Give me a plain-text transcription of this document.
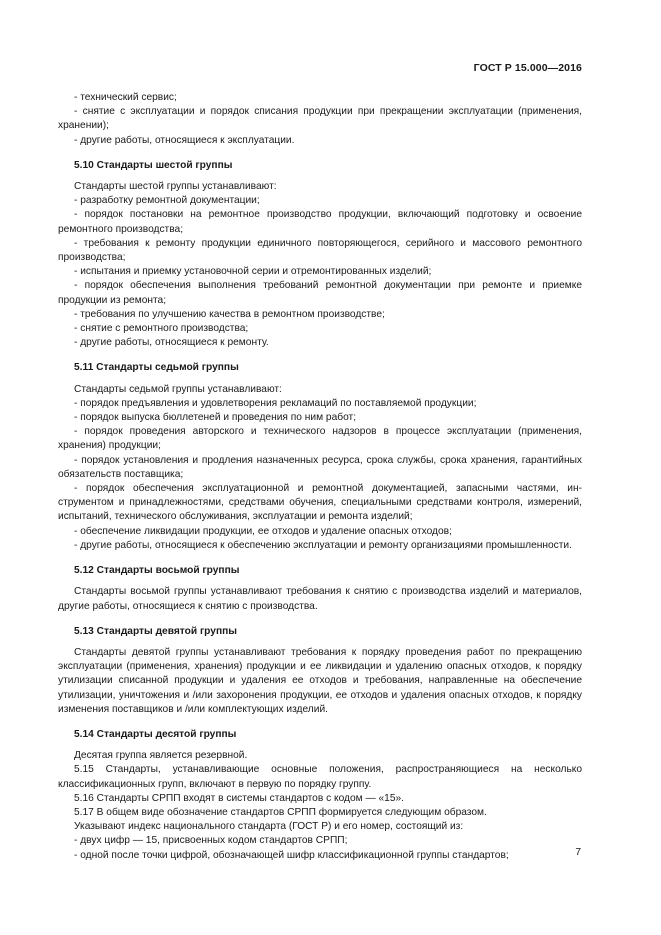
ГОСТ Р 15.000—2016

- технический сервис;

- снятие с эксплуатации и порядок списания продукции при прекращении эксплуатации (применения, хранении);

- другие работы, относящиеся к эксплуатации.

5.10 Стандарты шестой группы

Стандарты шестой группы устанавливают:

- разработку ремонтной документации;

- порядок постановки на ремонтное производство продукции, включающий подготовку и освоение ремонтного производства;

- требования к ремонту продукции единичного повторяющегося, серийного и массового ремонтного производства;

- испытания и приемку установочной серии и отремонтированных изделий;

- порядок обеспечения выполнения требований ремонтной документации при ремонте и приемке продукции из ремонта;

- требования по улучшению качества в ремонтном производстве;

- снятие с ремонтного производства;

- другие работы, относящиеся к ремонту.

5.11 Стандарты седьмой группы

Стандарты седьмой группы устанавливают:

- порядок предъявления и удовлетворения рекламаций по поставляемой продукции;

- порядок выпуска бюллетеней и проведения по ним работ;

- порядок проведения авторского и технического надзоров в процессе эксплуатации (применения, хранения) продукции;

- порядок установления и продления назначенных ресурса, срока службы, срока хранения, гарантийных обязательств поставщика;

- порядок обеспечения эксплуатационной и ремонтной документацией, запасными частями, инструментом и принадлежностями, средствами обучения, специальными средствами контроля, измерений, испытаний, технического обслуживания, эксплуатации и ремонта изделий;

- обеспечение ликвидации продукции, ее отходов и удаление опасных отходов;

- другие работы, относящиеся к обеспечению эксплуатации и ремонту организациями промышленности.

5.12 Стандарты восьмой группы

Стандарты восьмой группы устанавливают требования к снятию с производства изделий и материалов, другие работы, относящиеся к снятию с производства.

5.13 Стандарты девятой группы

Стандарты девятой группы устанавливают требования к порядку проведения работ по прекращению эксплуатации (применения, хранения) продукции и ее ликвидации и удалению опасных отходов, к порядку утилизации списанной продукции и удаления ее отходов и требования, направленные на обеспечение утилизации, уничтожения и /или захоронения продукции, ее отходов и удаления опасных отходов, к порядку изменения поставщиков и /или комплектующих изделий.

5.14 Стандарты десятой группы

Десятая группа является резервной.

5.15 Стандарты, устанавливающие основные положения, распространяющиеся на несколько классификационных групп, включают в первую по порядку группу.

5.16 Стандарты СРПП входят в системы стандартов с кодом — «15».

5.17 В общем виде обозначение стандартов СРПП формируется следующим образом.

Указывают индекс национального стандарта (ГОСТ Р) и его номер, состоящий из:

- двух цифр — 15, присвоенных кодом стандартов СРПП;

- одной после точки цифрой, обозначающей шифр классификационной группы стандартов;	7
